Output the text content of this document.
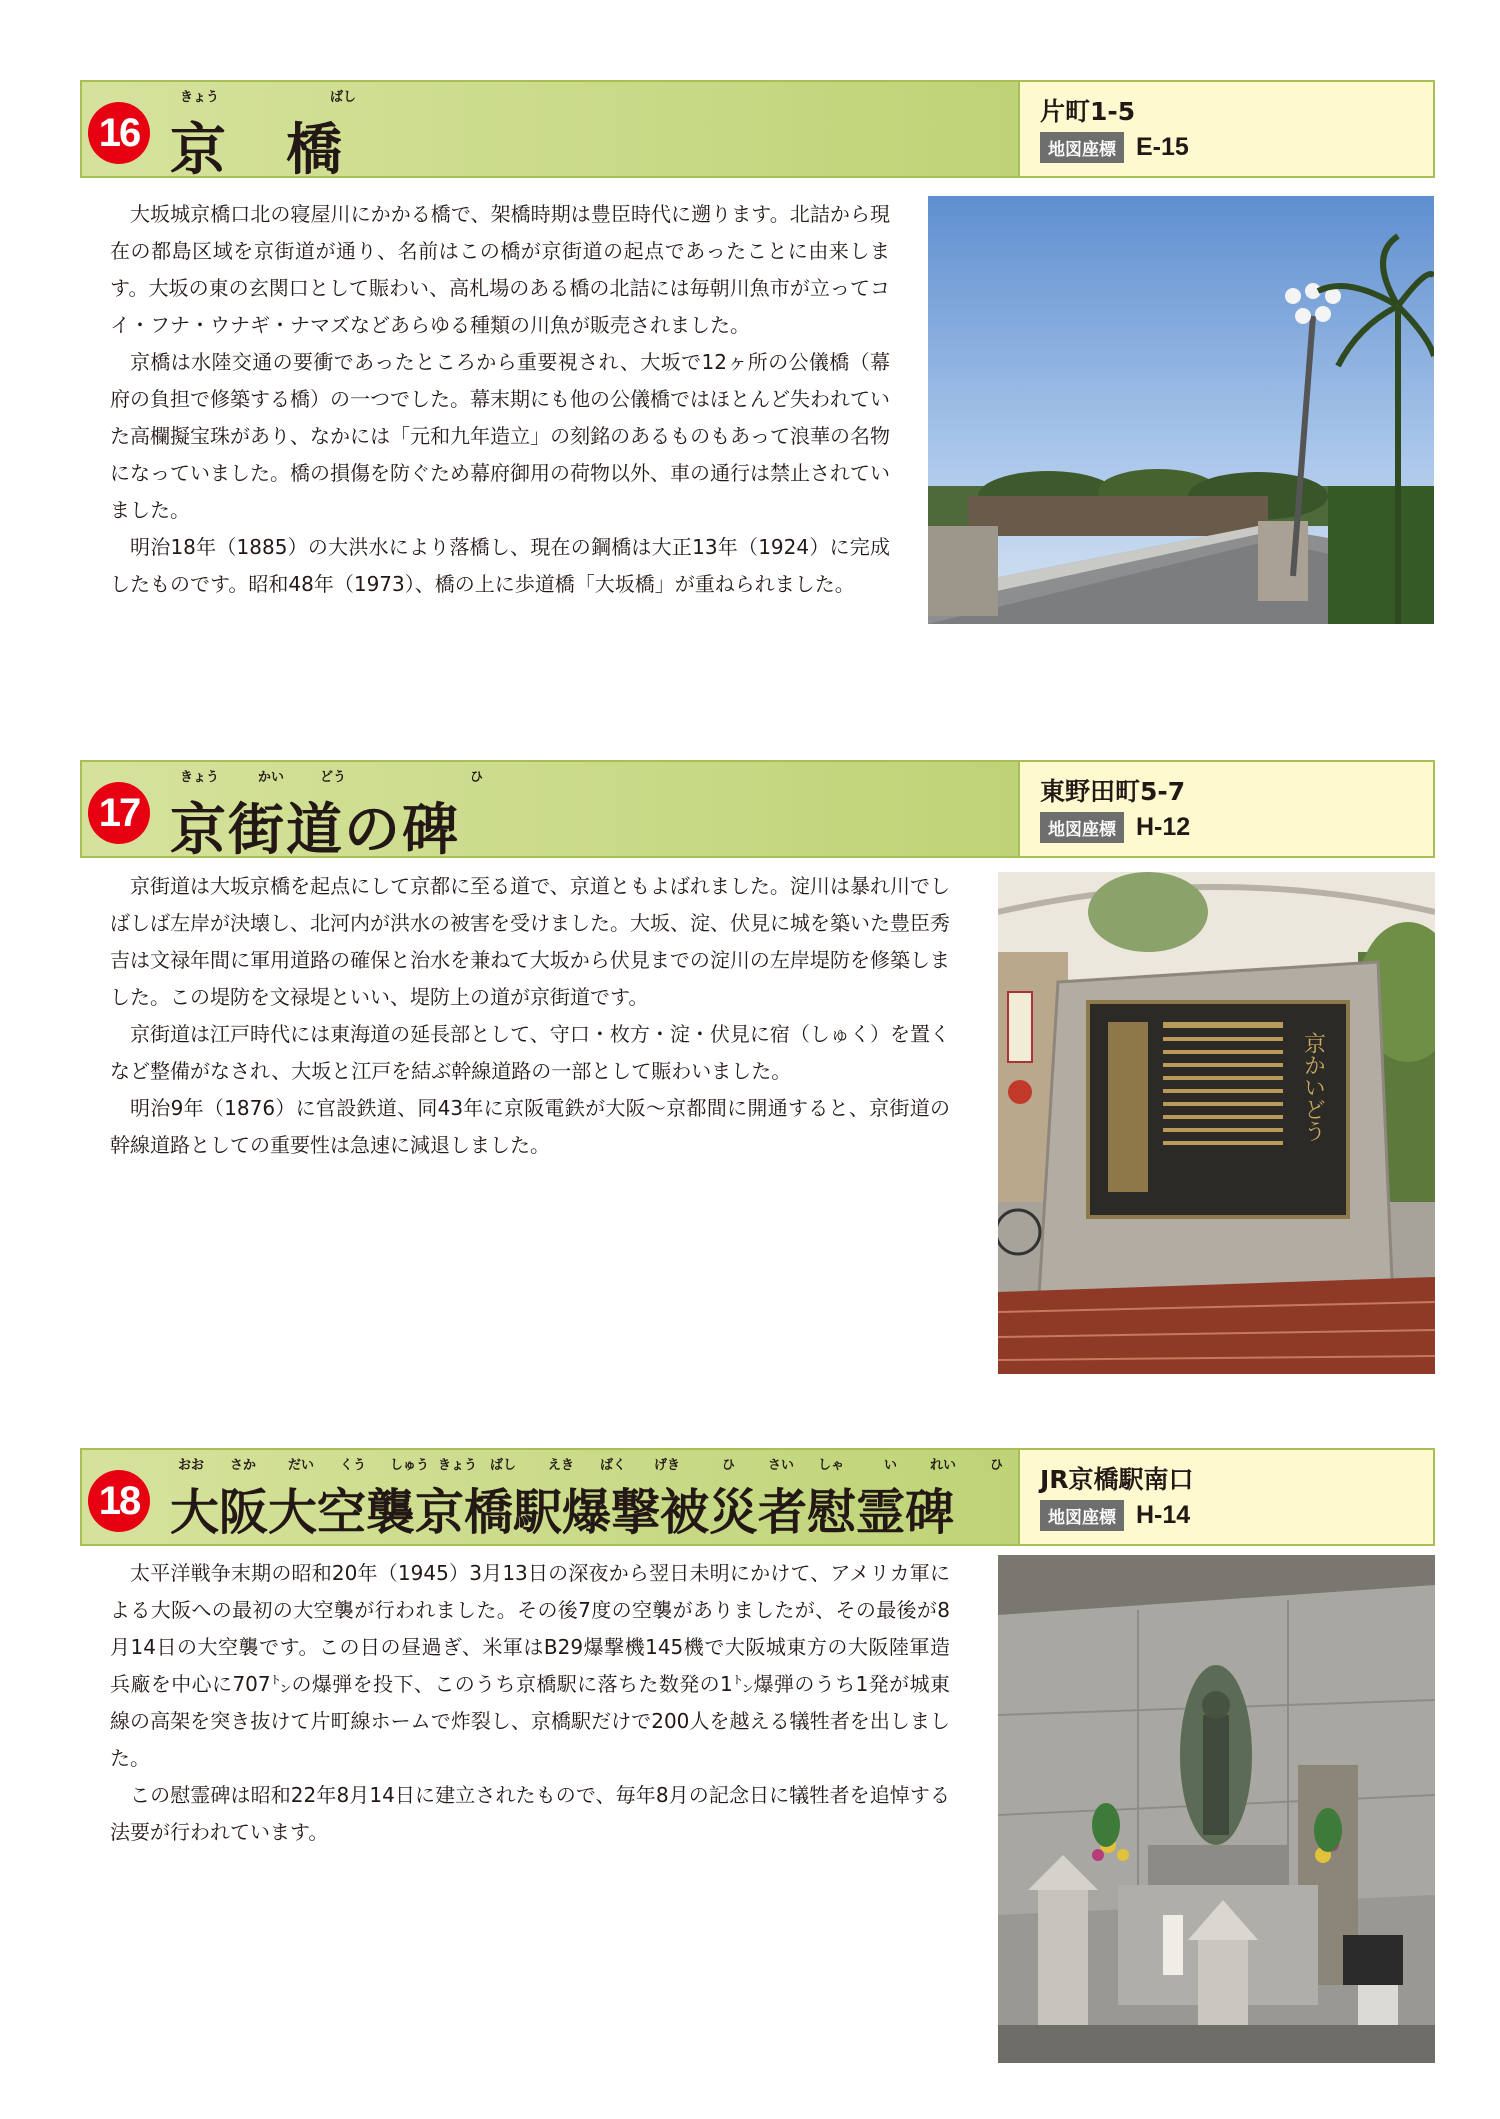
16
きょう	ばし
京　橋
片町1-5
地図座標 E-15

大坂城京橋口北の寝屋川にかかる橋で、架橋時期は豊臣時代に遡ります。北詰から現在の都島区域を京街道が通り、名前はこの橋が京街道の起点であったことに由来します。大坂の東の玄関口として賑わい、高札場のある橋の北詰には毎朝川魚市が立ってコイ・フナ・ウナギ・ナマズなどあらゆる種類の川魚が販売されました。

京橋は水陸交通の要衝であったところから重要視され、大坂で12ヶ所の公儀橋（幕府の負担で修築する橋）の一つでした。幕末期にも他の公儀橋ではほとんど失われていた高欄擬宝珠があり、なかには「元和九年造立」の刻銘のあるものもあって浪華の名物になっていました。橋の損傷を防ぐため幕府御用の荷物以外、車の通行は禁止されていました。

明治18年（1885）の大洪水により落橋し、現在の鋼橋は大正13年（1924）に完成したものです。昭和48年（1973）、橋の上に歩道橋「大坂橋」が重ねられました。

17
きょう	かい	どう	ひ
京街道の碑
東野田町5-7
地図座標 H-12

京街道は大坂京橋を起点にして京都に至る道で、京道ともよばれました。淀川は暴れ川でしばしば左岸が決壊し、北河内が洪水の被害を受けました。大坂、淀、伏見に城を築いた豊臣秀吉は文禄年間に軍用道路の確保と治水を兼ねて大坂から伏見までの淀川の左岸堤防を修築しました。この堤防を文禄堤といい、堤防上の道が京街道です。

京街道は江戸時代には東海道の延長部として、守口・枚方・淀・伏見に宿（しゅく）を置くなど整備がなされ、大坂と江戸を結ぶ幹線道路の一部として賑わいました。

明治9年（1876）に官設鉄道、同43年に京阪電鉄が大阪～京都間に開通すると、京街道の幹線道路としての重要性は急速に減退しました。

京かいどう
18
おお さか だい くう しゅう きょう ばし えき ばく げき	ひ	さい しゃ	い	れい	ひ
大阪大空襲京橋駅爆撃被災者慰霊碑
JR京橋駅南口
地図座標 H-14

太平洋戦争末期の昭和20年（1945）3月13日の深夜から翌日未明にかけて、アメリカ軍による大阪への最初の大空襲が行われました。その後7度の空襲がありましたが、その最後が8月14日の大空襲です。この日の昼過ぎ、米軍はB29爆撃機145機で大阪城東方の大阪陸軍造兵廠を中心に707㌧の爆弾を投下、このうち京橋駅に落ちた数発の1㌧爆弾のうち1発が城東線の高架を突き抜けて片町線ホームで炸裂し、京橋駅だけで200人を越える犠牲者を出しました。

この慰霊碑は昭和22年8月14日に建立されたもので、毎年8月の記念日に犠牲者を追悼する法要が行われています。
